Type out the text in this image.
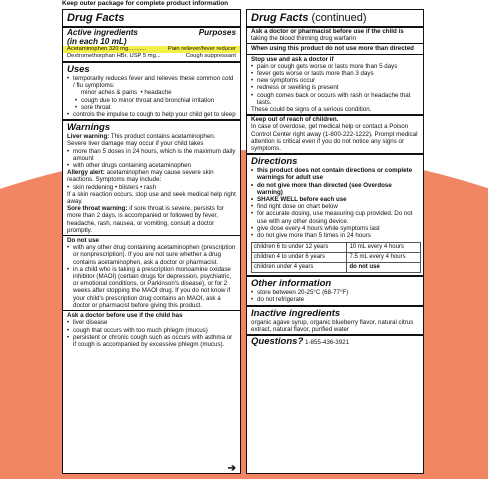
Keep outer package for complete product information
Drug Facts
Active ingredients	Purposes
(in each 10 mL)
Acetaminophen 320 mg...........	Pain reliever/fever reducer
Dextromethorphan HBr, USP 5 mg...	Cough suppressant
Uses
• temporarily reduces fever and relieves these common cold / flu symptoms:
minor aches & pains  • headache
• cough due to minor throat and bronchial irritation
• sore throat
• controls the impulse to cough to help your child get to sleep
Warnings
Liver warning: This product contains acetaminophen. Severe liver damage may occur if your child takes
• more than 5 doses in 24 hours, which is the maximum daily amount
• with other drugs containing acetaminophen
Allergy alert: acetaminophen may cause severe skin reactions. Symptoms may include:
• skin reddening • blisters • rash
If a skin reaction occurs, stop use and seek medical help right away.
Sore throat warning: if sore throat is severe, persists for more than 2 days, is accompanied or followed by fever, headache, rash, nausea, or vomiting, consult a doctor promptly.
Do not use
• with any other drug containing acetaminophen (prescription or nonprescription). If you are not sure whether a drug contains acetaminophen, ask a doctor or pharmacist.
• in a child who is taking a prescription monoamine oxidase inhibitor (MAOI) (certain drugs for depression, psychiatric, or emotional conditions, or Parkinson's disease), or for 2 weeks after stopping the MAOI drug. If you do not know if your child's prescription drug contains an MAOI, ask a doctor or pharmacist before giving this product.
Ask a doctor before use if the child has
• liver disease
• cough that occurs with too much phlegm (mucus)
• persistent or chronic cough such as occurs with asthma or if cough is accompanied by excessive phlegm (mucus).
➔
Drug Facts (continued)
Ask a doctor or pharmacist before use if the child is taking the blood thinning drug warfarin
When using this product do not use more than directed
Stop use and ask a doctor if
• pain or cough gets worse or lasts more than 5 days
• fever gets worse or lasts more than 3 days
• new symptoms occur
• redness or swelling is present
• cough comes back or occurs with rash or headache that lasts.
These could be signs of a serious condition.
Keep out of reach of children.
In case of overdose, get medical help or contact a Poison Control Center right away (1-800-222-1222). Prompt medical attention is critical even if you do not notice any signs or symptoms.
Directions
• this product does not contain directions or complete warnings for adult use
• do not give more than directed (see Overdose warning)
• SHAKE WELL before each use
• find right dose on chart below
• for accurate dosing, use measuring cup provided. Do not use with any other dosing device.
• give dose every 4 hours while symptoms last
• do not give more than 5 times in 24 hours
children 6 to under 12 years	10 mL every 4 hours
children 4 to under 6 years	7.5 mL every 4 hours
children under 4 years	do not use
Other information
• store between 20-25°C (68-77°F)
• do not refrigerate
Inactive ingredients
organic agave syrup, organic blueberry flavor, natural citrus extract, natural flavor, purified water
Questions? 1-855-436-3921
